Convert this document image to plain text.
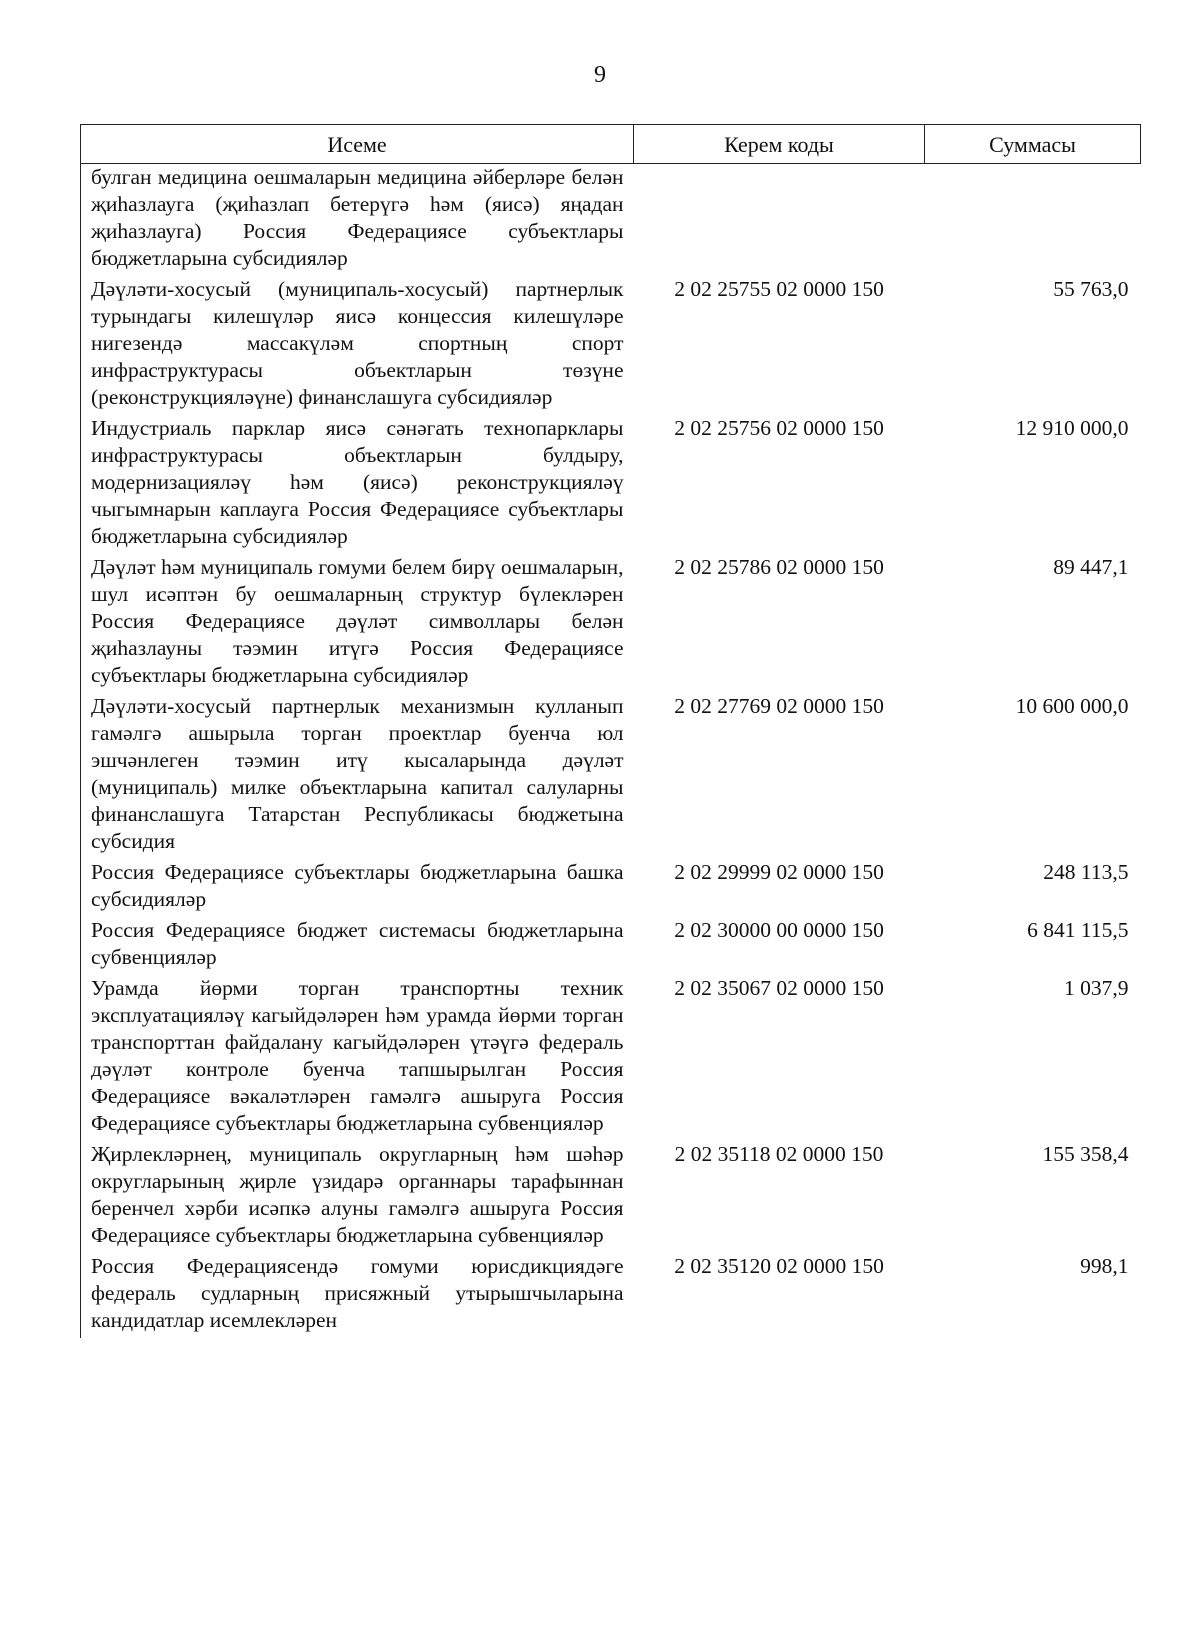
9
Исеме	Керем коды	Суммасы
булган медицина оешмаларын медицина әйберләре белән җиһазлауга (җиһазлап бетерүгә һәм (яисә) яңадан җиһазлауга) Россия Федерациясе субъектлары бюджетларына субсидияләр		
Дәүләти-хосусый (муниципаль-хосусый) партнерлык турындагы килешүләр яисә концессия килешүләре нигезендә массакүләм спортның спорт инфраструктурасы объектларын төзүне (реконструкцияләүне) финанслашуга субсидияләр	2 02 25755 02 0000 150	55 763,0
Индустриаль парклар яисә сәнәгать технопарклары инфраструктурасы объектларын булдыру, модернизацияләү һәм (яисә) реконструкцияләү чыгымнарын каплауга Россия Федерациясе субъектлары бюджетларына субсидияләр	2 02 25756 02 0000 150	12 910 000,0
Дәүләт һәм муниципаль гомуми белем бирү оешмаларын, шул исәптән бу оешмаларның структур бүлекләрен Россия Федерациясе дәүләт символлары белән җиһазлауны тәэмин итүгә Россия Федерациясе субъектлары бюджетларына субсидияләр	2 02 25786 02 0000 150	89 447,1
Дәүләти-хосусый партнерлык механизмын кулланып гамәлгә ашырыла торган проектлар буенча юл эшчәнлеген тәэмин итү кысаларында дәүләт (муниципаль) милке объектларына капитал салуларны финанслашуга Татарстан Республикасы бюджетына субсидия	2 02 27769 02 0000 150	10 600 000,0
Россия Федерациясе субъектлары бюджетларына башка субсидияләр	2 02 29999 02 0000 150	248 113,5
Россия Федерациясе бюджет системасы бюджетларына субвенцияләр	2 02 30000 00 0000 150	6 841 115,5
Урамда йөрми торган транспортны техник эксплуатацияләү кагыйдәләрен һәм урамда йөрми торган транспорттан файдалану кагыйдәләрен үтәүгә федераль дәүләт контроле буенча тапшырылган Россия Федерациясе вәкаләтләрен гамәлгә ашыруга Россия Федерациясе субъектлары бюджетларына субвенцияләр	2 02 35067 02 0000 150	1 037,9
Җирлекләрнең, муниципаль округларның һәм шәһәр округларының җирле үзидарә органнары тарафыннан беренчел хәрби исәпкә алуны гамәлгә ашыруга Россия Федерациясе субъектлары бюджетларына субвенцияләр	2 02 35118 02 0000 150	155 358,4
Россия Федерациясендә гомуми юрисдикциядәге федераль судларның присяжный утырышчыларына кандидатлар исемлекләрен	2 02 35120 02 0000 150	998,1
